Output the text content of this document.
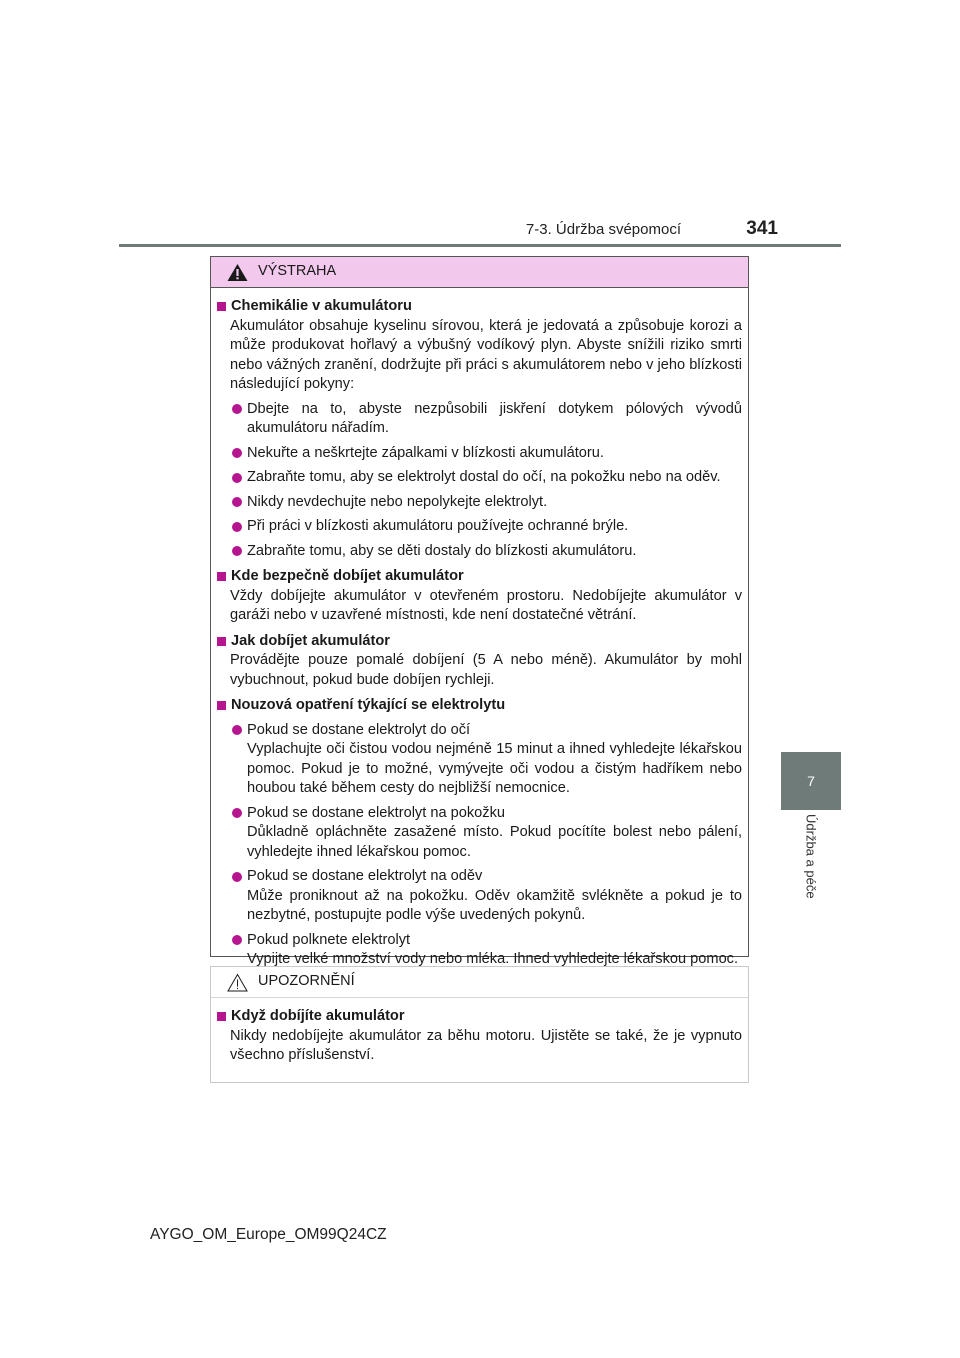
7-3. Údržba svépomocí	341
7
Údržba a péče
VÝSTRAHA
Chemikálie v akumulátoru

Akumulátor obsahuje kyselinu sírovou, která je jedovatá a způsobuje korozi a může produkovat hořlavý a výbušný vodíkový plyn. Abyste snížili riziko smrti nebo vážných zranění, dodržujte při práci s akumulátorem nebo v jeho blízkosti následující pokyny:

Dbejte na to, abyste nezpůsobili jiskření dotykem pólových vývodů akumulátoru nářadím.
Nekuřte a neškrtejte zápalkami v blízkosti akumulátoru.
Zabraňte tomu, aby se elektrolyt dostal do očí, na pokožku nebo na oděv.
Nikdy nevdechujte nebo nepolykejte elektrolyt.
Při práci v blízkosti akumulátoru používejte ochranné brýle.
Zabraňte tomu, aby se děti dostaly do blízkosti akumulátoru.
Kde bezpečně dobíjet akumulátor

Vždy dobíjejte akumulátor v otevřeném prostoru. Nedobíjejte akumulátor v garáži nebo v uzavřené místnosti, kde není dostatečné větrání.

Jak dobíjet akumulátor

Provádějte pouze pomalé dobíjení (5 A nebo méně). Akumulátor by mohl vybuchnout, pokud bude dobíjen rychleji.

Nouzová opatření týkající se elektrolytu
Pokud se dostane elektrolyt do očí
Vyplachujte oči čistou vodou nejméně 15 minut a ihned vyhledejte lékařskou pomoc. Pokud je to možné, vymývejte oči vodou a čistým hadříkem nebo houbou také během cesty do nejbližší nemocnice.
Pokud se dostane elektrolyt na pokožku
Důkladně opláchněte zasažené místo. Pokud pocítíte bolest nebo pálení, vyhledejte ihned lékařskou pomoc.
Pokud se dostane elektrolyt na oděv
Může proniknout až na pokožku. Oděv okamžitě svlékněte a pokud je to nezbytné, postupujte podle výše uvedených pokynů.
Pokud polknete elektrolyt
Vypijte velké množství vody nebo mléka. Ihned vyhledejte lékařskou pomoc.
UPOZORNĚNÍ
Když dobíjíte akumulátor

Nikdy nedobíjejte akumulátor za běhu motoru. Ujistěte se také, že je vypnuto všechno příslušenství.

AYGO_OM_Europe_OM99Q24CZ
